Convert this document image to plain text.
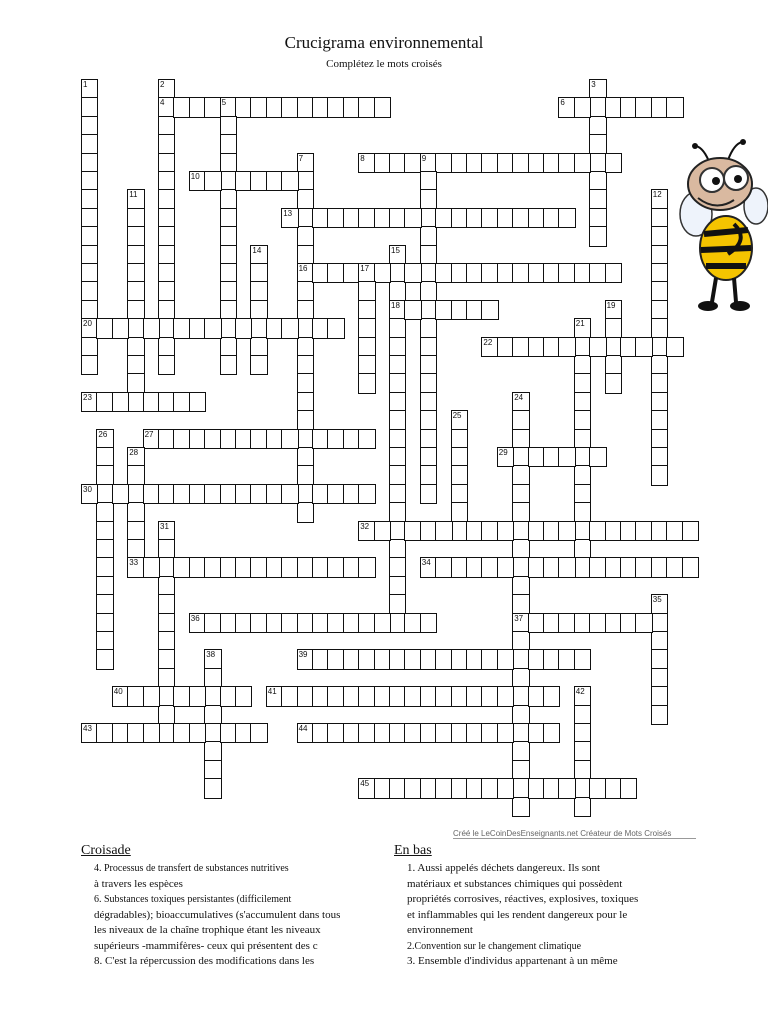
Crucigrama environnemental
Complétez le mots croisés
1
20
2
4
3
5	6
7
16
8	9
10
11	12
13
14	15
18
17
19
21
22
23	24
37
25
26	27
28	29
30
31	32
33	34
35
36
38	39
40	41	42
43	44
45
Créé le LeCoinDesEnseignants.net Créateur de Mots Croisés
Croisade	En bas

4. Processus de transfert de substances nutritives

à travers les espèces

6. Substances toxiques persistantes (difficilement

dégradables); bioaccumulatives (s'accumulent dans tous

les niveaux de la chaîne trophique étant les niveaux

supérieurs -mammifères- ceux qui présentent des c

8. C'est la répercussion des modifications dans les

1. Aussi appelés déchets dangereux. Ils sont

matériaux et substances chimiques qui possèdent

propriétés corrosives, réactives, explosives, toxiques

et inflammables qui les rendent dangereux pour le

environnement

2.Convention sur le changement climatique

3. Ensemble d'individus appartenant à un même
